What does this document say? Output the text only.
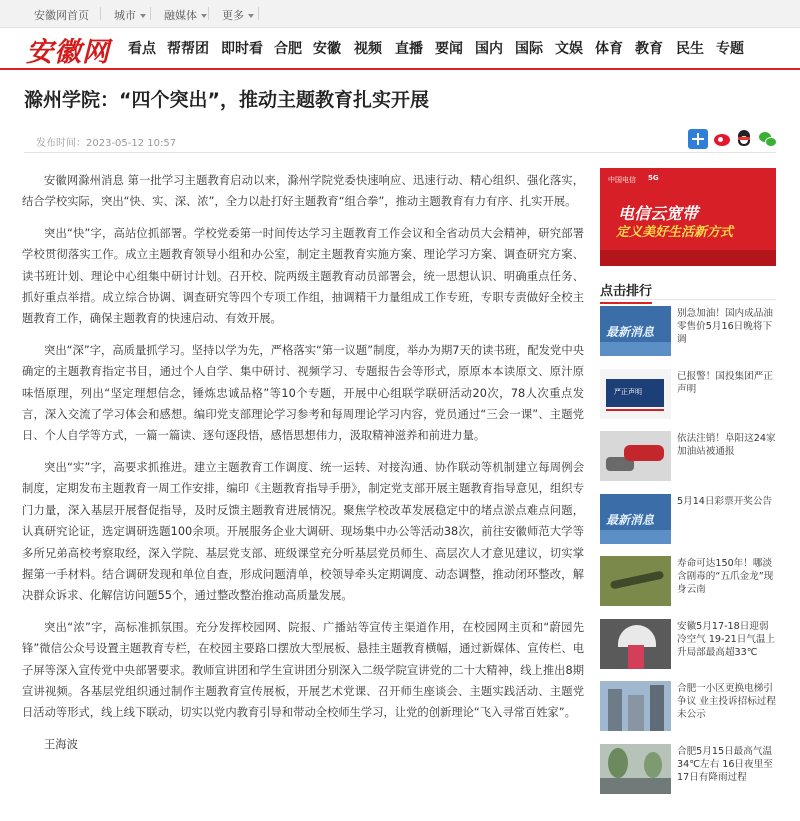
安徽网首页 城市	融媒体	更多
安徽网 看点 帮帮团 即时看 合肥 安徽 视频 直播 要闻 国内 国际 文娱 体育 教育 民生 专题
滁州学院：“四个突出”，推动主题教育扎实开展
发布时间：2023-05-12 10:57

安徽网滁州消息 第一批学习主题教育启动以来，滁州学院党委快速响应、迅速行动、精心组织、强化落实，结合学校实际，突出“快、实、深、浓”，全力以赴打好主题教育“组合拳”，推动主题教育有力有序、扎实开展。

突出“快”字，高站位抓部署。学校党委第一时间传达学习主题教育工作会议和全省动员大会精神，研究部署学校贯彻落实工作。成立主题教育领导小组和办公室，制定主题教育实施方案、理论学习方案、调查研究方案、读书班计划、理论中心组集中研讨计划。召开校、院两级主题教育动员部署会，统一思想认识、明确重点任务、抓好重点举措。成立综合协调、调查研究等四个专项工作组，抽调精干力量组成工作专班，专职专责做好全校主题教育工作，确保主题教育的快速启动、有效开展。

突出“深”字，高质量抓学习。坚持以学为先，严格落实“第一议题”制度，举办为期7天的读书班，配发党中央确定的主题教育指定书目，通过个人自学、集中研讨、视频学习、专题报告会等形式，原原本本读原文、原汁原味悟原理，列出“坚定理想信念，锤炼忠诚品格”等10个专题，开展中心组联学联研活动20次，78人次重点发言，深入交流了学习体会和感想。编印党支部理论学习参考和每周理论学习内容，党员通过“三会一课”、主题党日、个人自学等方式，一篇一篇读、逐句逐段悟，感悟思想伟力，汲取精神滋养和前进力量。

突出“实”字，高要求抓推进。建立主题教育工作调度、统一运转、对接沟通、协作联动等机制建立每周例会制度，定期发布主题教育一周工作安排，编印《主题教育指导手册》，制定党支部开展主题教育指导意见，组织专门力量，深入基层开展督促指导，及时反馈主题教育进展情况。聚焦学校改革发展稳定中的堵点淤点难点问题，认真研究论证，选定调研选题100余项。开展服务企业大调研、现场集中办公等活动38次，前往安徽师范大学等多所兄弟高校考察取经，深入学院、基层党支部、班级课堂充分听基层党员师生、高层次人才意见建议，切实掌握第一手材料。结合调研发现和单位自查，形成问题清单，校领导牵头定期调度、动态调整，推动闭环整改，解决群众诉求、化解信访问题55个，通过整改整治推动高质量发展。

突出“浓”字，高标准抓氛围。充分发挥校园网、院报、广播站等宣传主渠道作用，在校园网主页和“蔚园先锋”微信公众号设置主题教育专栏，在校园主要路口摆放大型展板、悬挂主题教育横幅，通过新媒体、宣传栏、电子屏等深入宣传党中央部署要求。教师宣讲团和学生宣讲团分别深入二级学院宣讲党的二十大精神，线上推出8期宣讲视频。各基层党组织通过制作主题教育宣传展板，开展艺术党课、召开师生座谈会、主题实践活动、主题党日活动等形式，线上线下联动，切实以党内教育引导和带动全校师生学习，让党的创新理论“飞入寻常百姓家”。

王海波

中国电信 5G
电信云宽带
定义美好生活新方式
点击排行
最新消息
别急加油！国内成品油零售价5月16日晚将下调
严正声明
已报警！国投集团严正声明
依法注销！阜阳这24家加油站被通报
最新消息
5月14日彩票开奖公告
寿命可达150年！哪淡含剧毒的“五爪金龙”现身云南
安徽5月17-18日迎弱冷空气 19-21日气温上升局部最高超33℃
合肥一小区更换电梯引争议 业主投诉招标过程未公示
合肥5月15日最高气温34℃左右 16日夜里至17日有降雨过程
